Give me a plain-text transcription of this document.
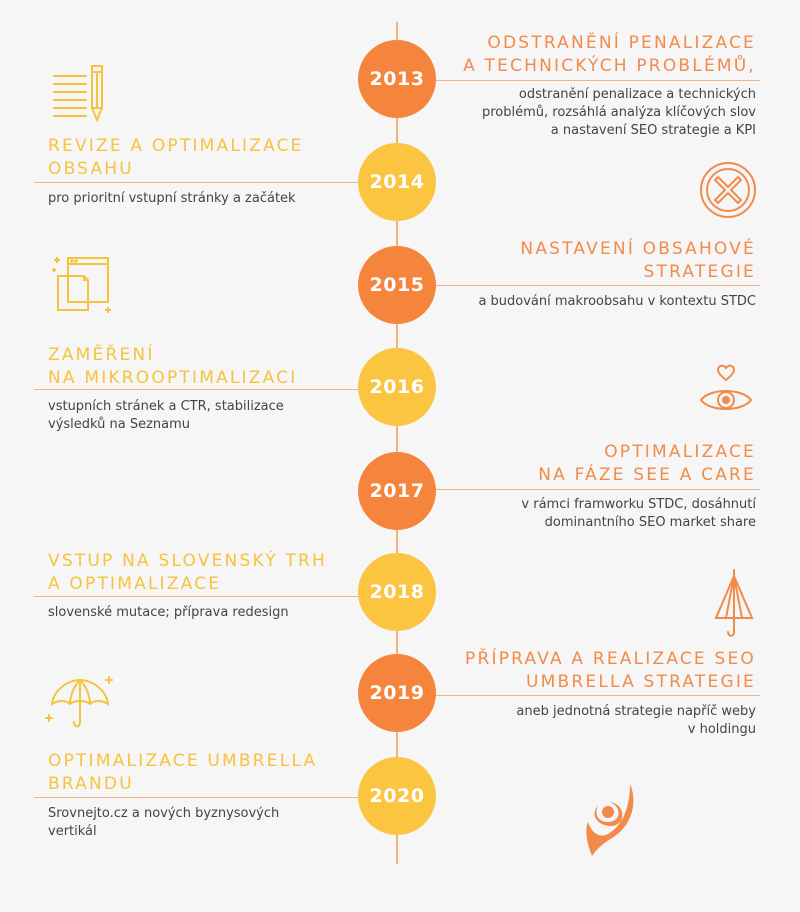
ODSTRANĚNÍ PENALIZACE
A TECHNICKÝCH PROBLÉMŮ,
odstranění penalizace a technických
problémů, rozsáhlá analýza klíčových slov
a nastavení SEO strategie a KPI
2013
REVIZE A OPTIMALIZACE
OBSAHU
pro prioritní vstupní stránky a začátek
2014
NASTAVENÍ OBSAHOVÉ
STRATEGIE
a budování makroobsahu v kontextu STDC
2015
ZAMĚŘENÍ
NA MIKROOPTIMALIZACI
vstupních stránek a CTR, stabilizace
výsledků na Seznamu
2016
OPTIMALIZACE
NA FÁZE SEE A CARE
v rámci framworku STDC, dosáhnutí
dominantního SEO market share
2017
VSTUP NA SLOVENSKÝ TRH
A OPTIMALIZACE
slovenské mutace; příprava redesign
2018
PŘÍPRAVA A REALIZACE SEO
UMBRELLA STRATEGIE
aneb jednotná strategie napříč weby
v holdingu
2019
OPTIMALIZACE UMBRELLA
BRANDU
Srovnejto.cz a nových byznysových
vertikál
2020
